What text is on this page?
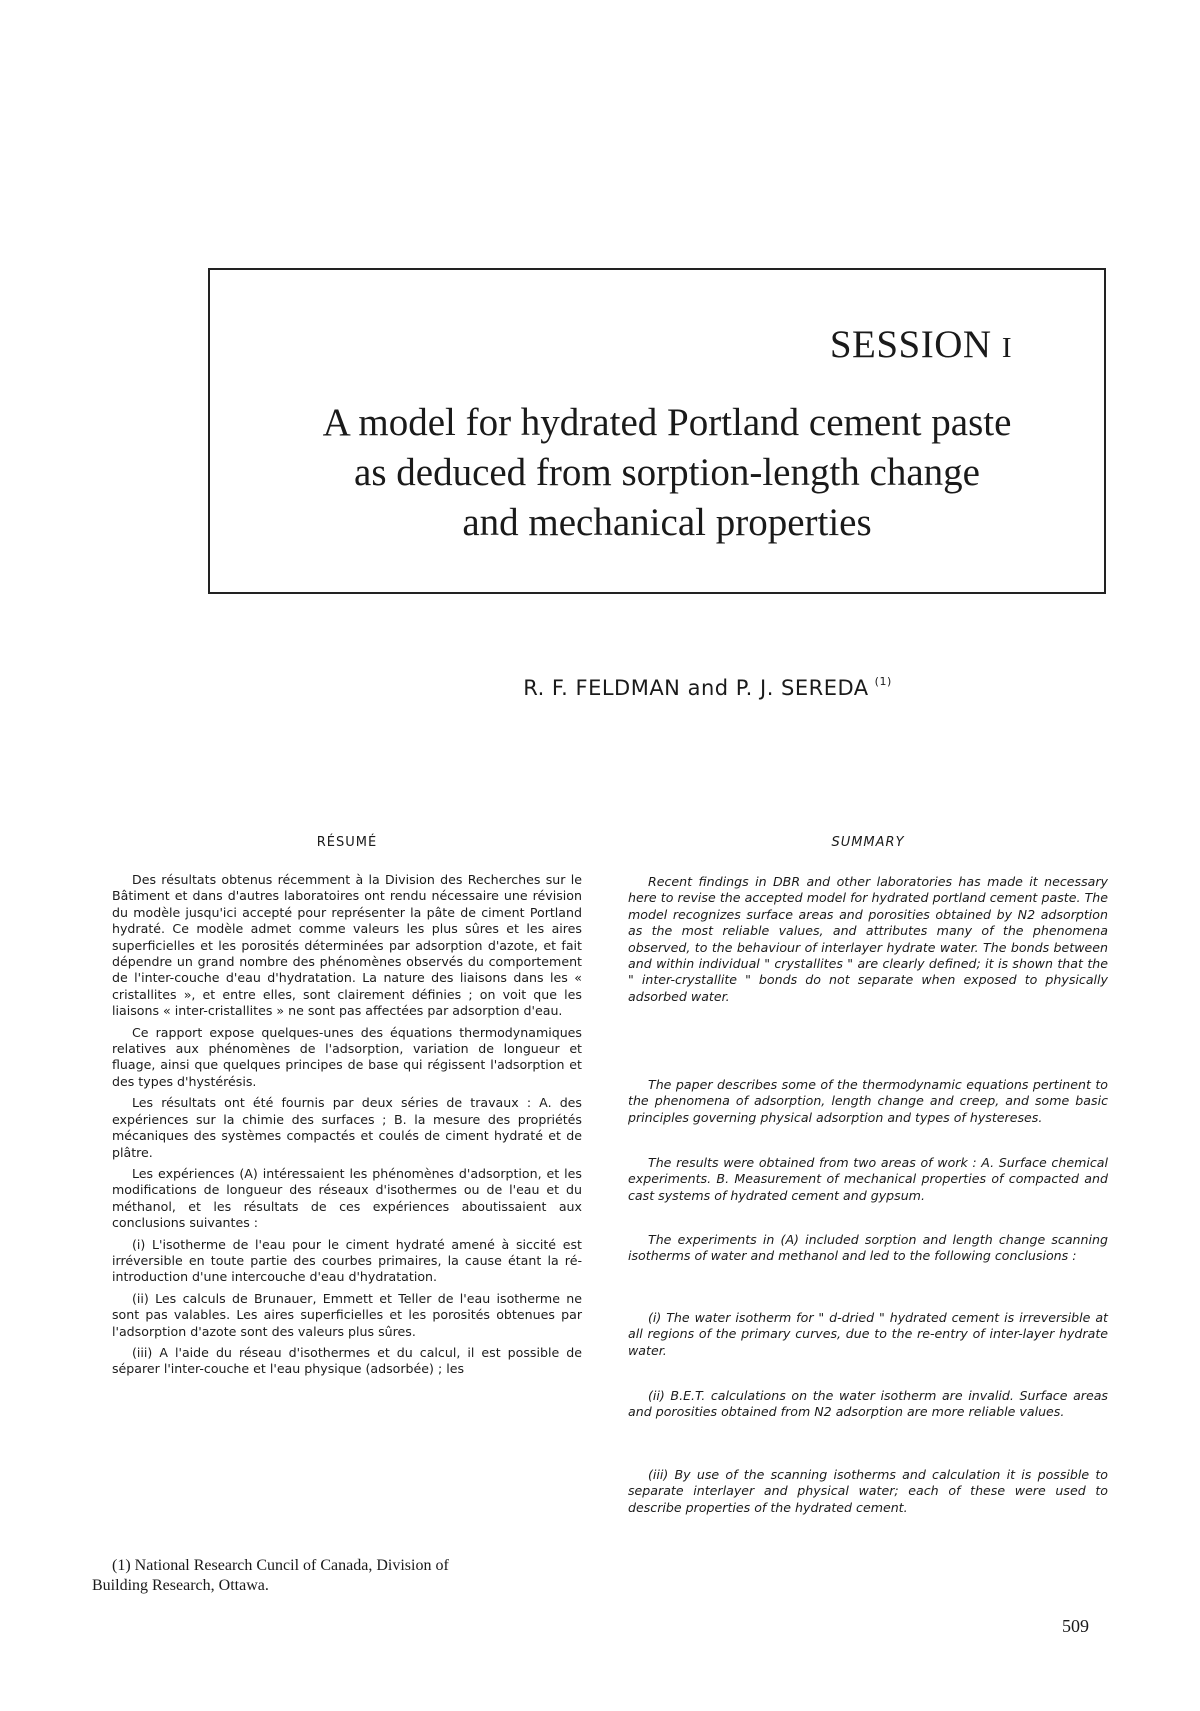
SESSION I
A model for hydrated Portland cement paste
as deduced from sorption-length change
and mechanical properties
R. F. FELDMAN and P. J. SEREDA $^{(1)}$
RÉSUMÉ	SUMMARY

Des résultats obtenus récemment à la Division des Recherches sur le Bâtiment et dans d'autres laboratoires ont rendu nécessaire une révision du modèle jusqu'ici accepté pour représenter la pâte de ciment Portland hydraté. Ce modèle admet comme valeurs les plus sûres et les aires superficielles et les porosités déterminées par adsorption d'azote, et fait dépendre un grand nombre des phénomènes observés du comportement de l'inter-couche d'eau d'hydratation. La nature des liaisons dans les « cristallites », et entre elles, sont clairement définies ; on voit que les liaisons « inter-cristallites » ne sont pas affectées par adsorption d'eau.

Ce rapport expose quelques-unes des équations thermodynamiques relatives aux phénomènes de l'adsorption, variation de longueur et fluage, ainsi que quelques principes de base qui régissent l'adsorption et des types d'hystérésis.

Les résultats ont été fournis par deux séries de travaux : A. des expériences sur la chimie des surfaces ; B. la mesure des propriétés mécaniques des systèmes compactés et coulés de ciment hydraté et de plâtre.

Les expériences (A) intéressaient les phénomènes d'adsorption, et les modifications de longueur des réseaux d'isothermes ou de l'eau et du méthanol, et les résultats de ces expériences aboutissaient aux conclusions suivantes :

(i) L'isotherme de l'eau pour le ciment hydraté amené à siccité est irréversible en toute partie des courbes primaires, la cause étant la ré-introduction d'une intercouche d'eau d'hydratation.

(ii) Les calculs de Brunauer, Emmett et Teller de l'eau isotherme ne sont pas valables. Les aires superficielles et les porosités obtenues par l'adsorption d'azote sont des valeurs plus sûres.

(iii) A l'aide du réseau d'isothermes et du calcul, il est possible de séparer l'inter-couche et l'eau physique (adsorbée) ; les

Recent findings in DBR and other laboratories has made it necessary here to revise the accepted model for hydrated portland cement paste. The model recognizes surface areas and porosities obtained by N2 adsorption as the most reliable values, and attributes many of the phenomena observed, to the behaviour of interlayer hydrate water. The bonds between and within individual " crystallites " are clearly defined; it is shown that the " inter-crystallite " bonds do not separate when exposed to physically adsorbed water.

The paper describes some of the thermodynamic equations pertinent to the phenomena of adsorption, length change and creep, and some basic principles governing physical adsorption and types of hystereses.

The results were obtained from two areas of work : A. Surface chemical experiments. B. Measurement of mechanical properties of compacted and cast systems of hydrated cement and gypsum.

The experiments in (A) included sorption and length change scanning isotherms of water and methanol and led to the following conclusions :

(i) The water isotherm for " d-dried " hydrated cement is irreversible at all regions of the primary curves, due to the re-entry of inter-layer hydrate water.

(ii) B.E.T. calculations on the water isotherm are invalid. Surface areas and porosities obtained from N2 adsorption are more reliable values.

(iii) By use of the scanning isotherms and calculation it is possible to separate interlayer and physical water; each of these were used to describe properties of the hydrated cement.

(1) National Research Cuncil of Canada, Division of
Building Research, Ottawa.
509
